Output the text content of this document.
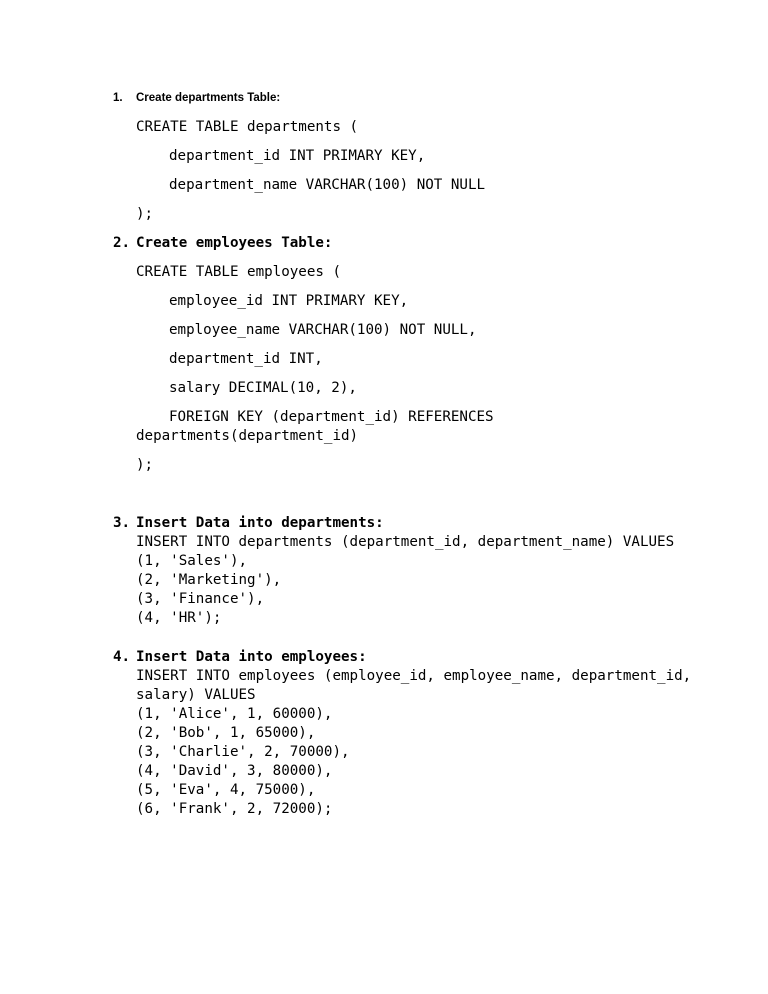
1. Create departments Table:
CREATE TABLE departments (
department_id INT PRIMARY KEY,
department_name VARCHAR(100) NOT NULL
);
2. Create employees Table:
CREATE TABLE employees (
employee_id INT PRIMARY KEY,
employee_name VARCHAR(100) NOT NULL,
department_id INT,
salary DECIMAL(10, 2),
FOREIGN KEY (department_id) REFERENCES
departments(department_id)
);
3. Insert Data into departments:
INSERT INTO departments (department_id, department_name) VALUES
(1, 'Sales'),
(2, 'Marketing'),
(3, 'Finance'),
(4, 'HR');
4. Insert Data into employees:
INSERT INTO employees (employee_id, employee_name, department_id,
salary) VALUES
(1, 'Alice', 1, 60000),
(2, 'Bob', 1, 65000),
(3, 'Charlie', 2, 70000),
(4, 'David', 3, 80000),
(5, 'Eva', 4, 75000),
(6, 'Frank', 2, 72000);
